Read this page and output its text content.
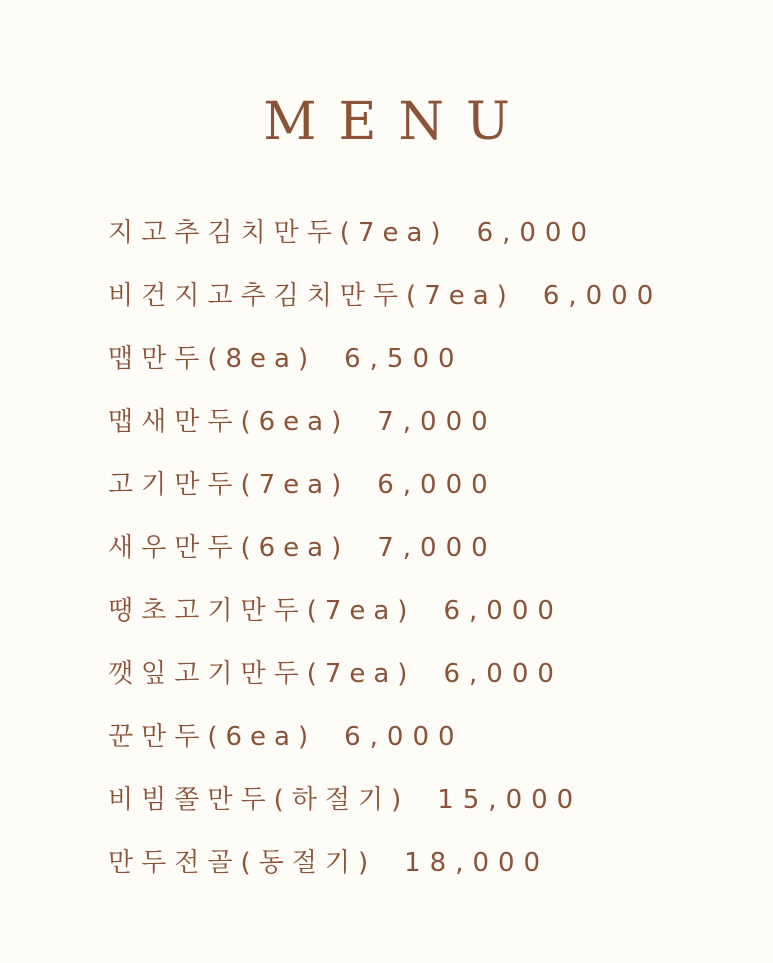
MENU
지고추김치만두(7ea) 6,000
비건지고추김치만두(7ea) 6,000
맵만두(8ea) 6,500
맵새만두(6ea) 7,000
고기만두(7ea) 6,000
새우만두(6ea) 7,000
땡초고기만두(7ea) 6,000
깻잎고기만두(7ea) 6,000
꾼만두(6ea) 6,000
비빔쫄만두(하절기) 15,000
만두전골(동절기) 18,000
